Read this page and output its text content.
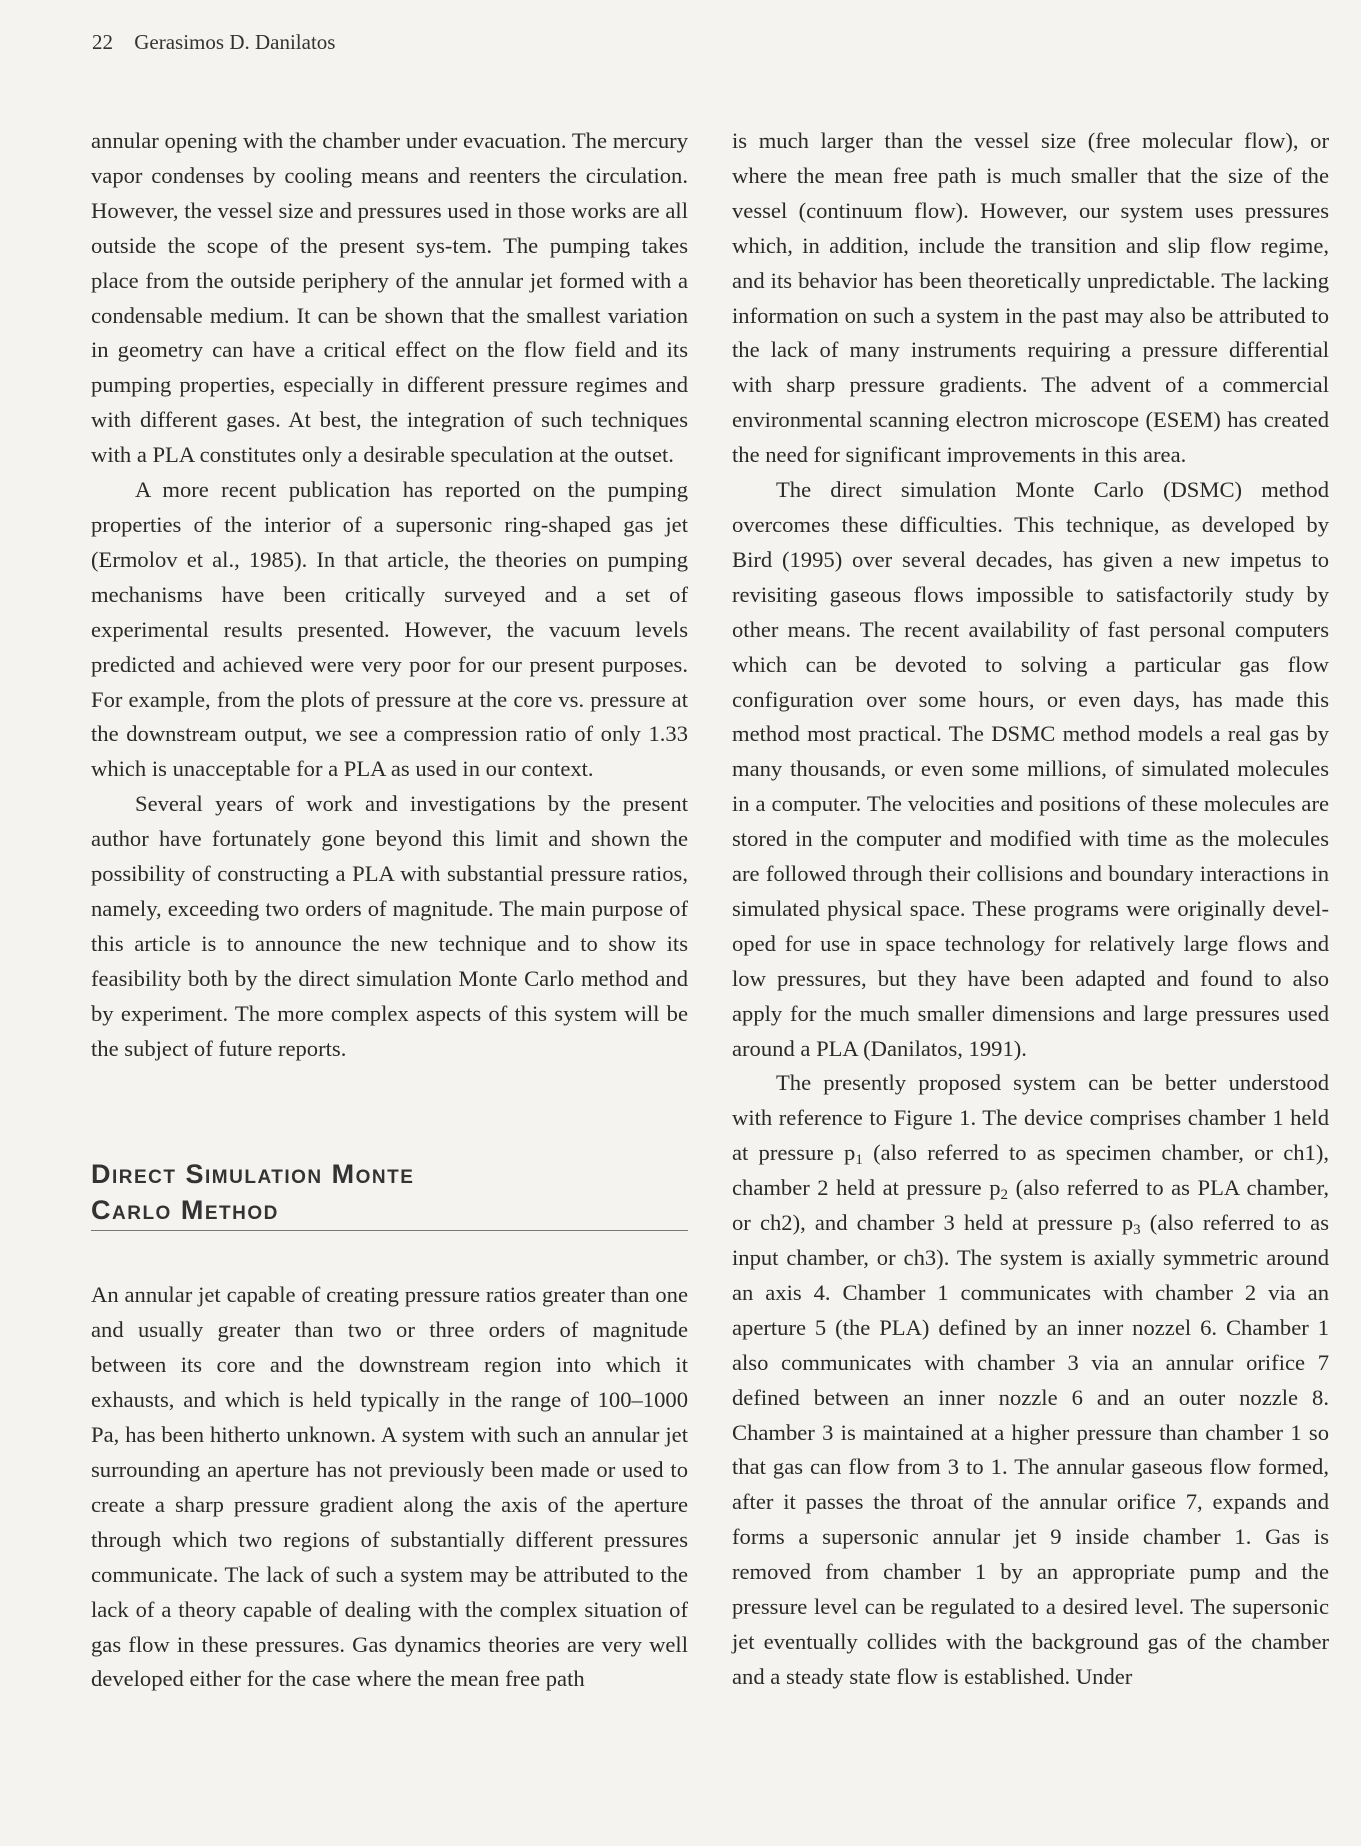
22 Gerasimos D. Danilatos

annular opening with the chamber under evacuation. The mercury vapor condenses by cooling means and reenters the circulation. However, the vessel size and pressures used in those works are all outside the scope of the present sys-tem. The pumping takes place from the outside periphery of the annular jet formed with a condensable medium. It can be shown that the smallest variation in geometry can have a critical effect on the flow field and its pumping properties, especially in different pressure regimes and with different gases. At best, the integration of such techniques with a PLA constitutes only a desirable speculation at the outset.

A more recent publication has reported on the pumping properties of the interior of a supersonic ring-shaped gas jet (Ermolov et al., 1985). In that article, the theories on pumping mechanisms have been critically surveyed and a set of experimental results presented. However, the vacuum levels predicted and achieved were very poor for our present purposes. For example, from the plots of pressure at the core vs. pressure at the downstream output, we see a compression ratio of only 1.33 which is unacceptable for a PLA as used in our context.

Several years of work and investigations by the present author have fortunately gone beyond this limit and shown the possibility of constructing a PLA with substantial pressure ratios, namely, exceeding two orders of magnitude. The main purpose of this article is to announce the new technique and to show its feasibility both by the direct simulation Monte Carlo method and by experiment. The more complex aspects of this system will be the subject of future reports.

Direct Simulation Monte
Carlo Method

An annular jet capable of creating pressure ratios greater than one and usually greater than two or three orders of magnitude between its core and the downstream region into which it exhausts, and which is held typically in the range of 100–1000 Pa, has been hitherto unknown. A system with such an annular jet surrounding an aperture has not previously been made or used to create a sharp pressure gradient along the axis of the aperture through which two regions of substantially different pressures communicate. The lack of such a system may be attributed to the lack of a theory capable of dealing with the complex situation of gas flow in these pressures. Gas dynamics theories are very well developed either for the case where the mean free path

is much larger than the vessel size (free molecular flow), or where the mean free path is much smaller that the size of the vessel (continuum flow). However, our system uses pressures which, in addition, include the transition and slip flow regime, and its behavior has been theoretically unpredictable. The lacking information on such a system in the past may also be attributed to the lack of many instruments requiring a pressure differential with sharp pressure gradients. The advent of a commercial environmental scanning electron microscope (ESEM) has created the need for significant improvements in this area.

The direct simulation Monte Carlo (DSMC) method overcomes these difficulties. This technique, as developed by Bird (1995) over several decades, has given a new impetus to revisiting gaseous flows impossible to satisfactorily study by other means. The recent availability of fast personal computers which can be devoted to solving a particular gas flow configuration over some hours, or even days, has made this method most practical. The DSMC method models a real gas by many thousands, or even some millions, of simulated molecules in a computer. The velocities and positions of these molecules are stored in the computer and modified with time as the molecules are followed through their collisions and boundary interactions in simulated physical space. These programs were originally developed for use in space technology for relatively large flows and low pressures, but they have been adapted and found to also apply for the much smaller dimensions and large pressures used around a PLA (Danilatos, 1991).

The presently proposed system can be better understood with reference to Figure 1. The device comprises chamber 1 held at pressure $p_1$ (also referred to as specimen chamber, or ch1), chamber 2 held at pressure $p_2$ (also referred to as PLA chamber, or ch2), and chamber 3 held at pressure $p_3$ (also referred to as input chamber, or ch3). The system is axially symmetric around an axis 4. Chamber 1 communicates with chamber 2 via an aperture 5 (the PLA) defined by an inner nozzel 6. Chamber 1 also communicates with chamber 3 via an annular orifice 7 defined between an inner nozzle 6 and an outer nozzle 8. Chamber 3 is maintained at a higher pressure than chamber 1 so that gas can flow from 3 to 1. The annular gaseous flow formed, after it passes the throat of the annular orifice 7, expands and forms a supersonic annular jet 9 inside chamber 1. Gas is removed from chamber 1 by an appropriate pump and the pressure level can be regulated to a desired level. The supersonic jet eventually collides with the background gas of the chamber and a steady state flow is established. Under
